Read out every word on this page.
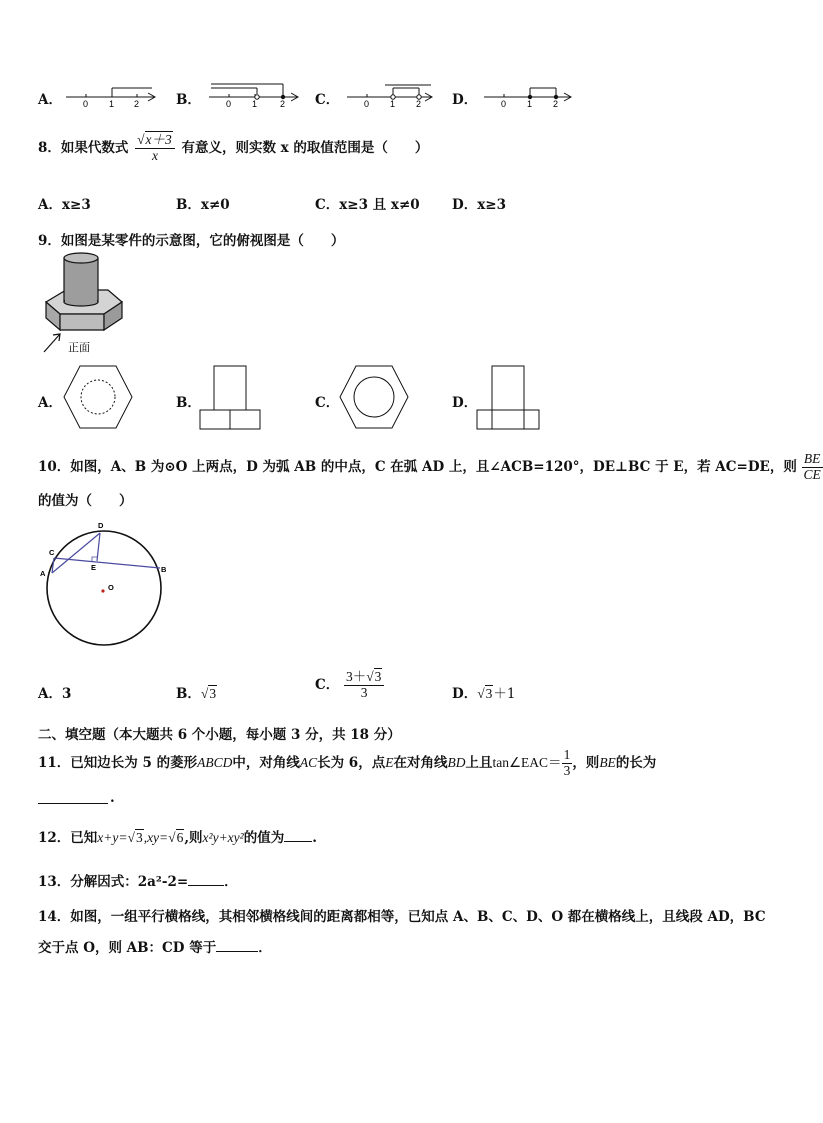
A． 0 1 2	B．	0 1	2 C．	0 1 2 D．	0 1 2
8．如果代数式 $\frac{√x+3}{x}$ 有意义，则实数 x 的取值范围是（　　）
A．x≥3	B．x≠0	C．x≥3 且 x≠0 D．x≥3
9．如图是某零件的示意图，它的俯视图是（　　）
正面
A．	B．	C．	D．
10．如图，A、B 为⊙O 上两点，D 为弧 AB 的中点，C 在弧 AD 上，且∠ACB=120°，DE⊥BC 于 E，若 AC=DE，则 $\frac{BE}{CE}$
的值为（　　）
D
C
A
E	B
O
A．3	B．√3
C． $\frac{3+√3}{3}$	D．√3＋1
二、填空题（本大题共 6 个小题，每小题 3 分，共 18 分）
11．已知边长为 5 的菱形ABCD中，对角线AC长为 6，点E在对角线BD上且tan∠EAC＝ $\frac{1}{3}$ ，则BE的长为
.
12．已知x+y=√3,xy=√6,则x²y+xy²的值为 .
13．分解因式：2a²-2=	．
14．如图，一组平行横格线，其相邻横格线间的距离都相等，已知点 A、B、C、D、O 都在横格线上，且线段 AD，BC
交于点 O，则 AB：CD 等于	．
